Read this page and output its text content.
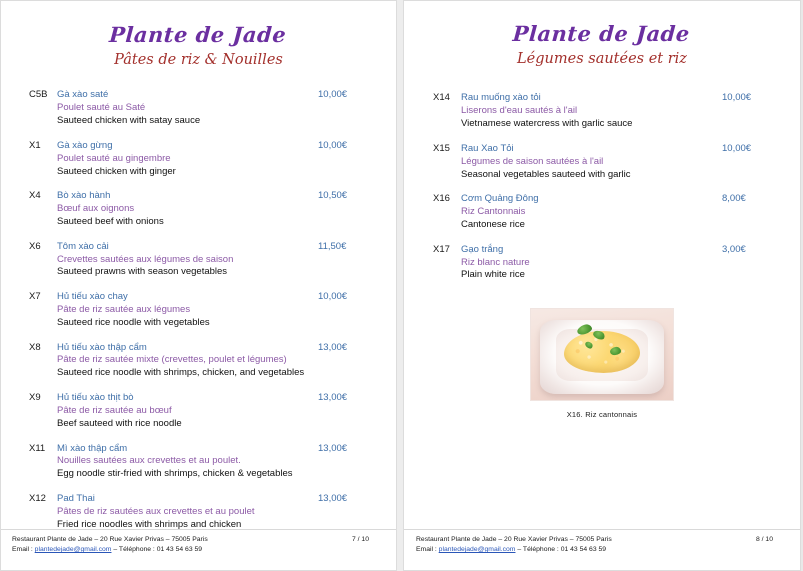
Plante de Jade
Pâtes de riz & Nouilles
C5B	Gà xào saté
Poulet sauté au Saté
Sauteed chicken with satay sauce
10,00€
X1	Gà xào gừng
Poulet sauté au gingembre
Sauteed chicken with ginger
10,00€
X4	Bò xào hành
Bœuf aux oignons
Sauteed beef with onions
10,50€
X6	Tôm xào cải
Crevettes sautées aux légumes de saison
Sauteed prawns with season vegetables
11,50€
X7	Hủ tiếu xào chay
Pâte de riz sautée aux légumes
Sauteed rice noodle with vegetables
10,00€
X8	Hủ tiếu xào thập cẩm
Pâte de riz sautée mixte (crevettes, poulet et légumes)
Sauteed rice noodle with shrimps, chicken, and vegetables
13,00€
X9	Hủ tiếu xào thịt bò
Pâte de riz sautée au bœuf
Beef sauteed with rice noodle
13,00€
X11	Mì xào thập cẩm
Nouilles sautées aux crevettes et au poulet.
Egg noodle stir-fried with shrimps, chicken & vegetables
13,00€
X12	Pad Thai
Pâtes de riz sautées aux crevettes et au poulet
Fried rice noodles with shrimps and chicken
13,00€
Restaurant Plante de Jade – 20 Rue Xavier Privas – 75005 Paris
Email : plantedejade@gmail.com – Téléphone : 01 43 54 63 59
7 / 10
Plante de Jade
Légumes sautées et riz
X14	Rau muống xào tỏi
Liserons d'eau sautés à l'ail
Vietnamese watercress with garlic sauce
10,00€
X15	Rau Xao Tỏi
Légumes de saison sautées à l'ail
Seasonal vegetables sauteed with garlic
10,00€
X16	Cơm Quảng Đông
Riz Cantonnais
Cantonese rice
8,00€
X17	Gạo trắng
Riz blanc nature
Plain white rice
3,00€
X16. Riz cantonnais
Restaurant Plante de Jade – 20 Rue Xavier Privas – 75005 Paris
Email : plantedejade@gmail.com – Téléphone : 01 43 54 63 59
8 / 10
